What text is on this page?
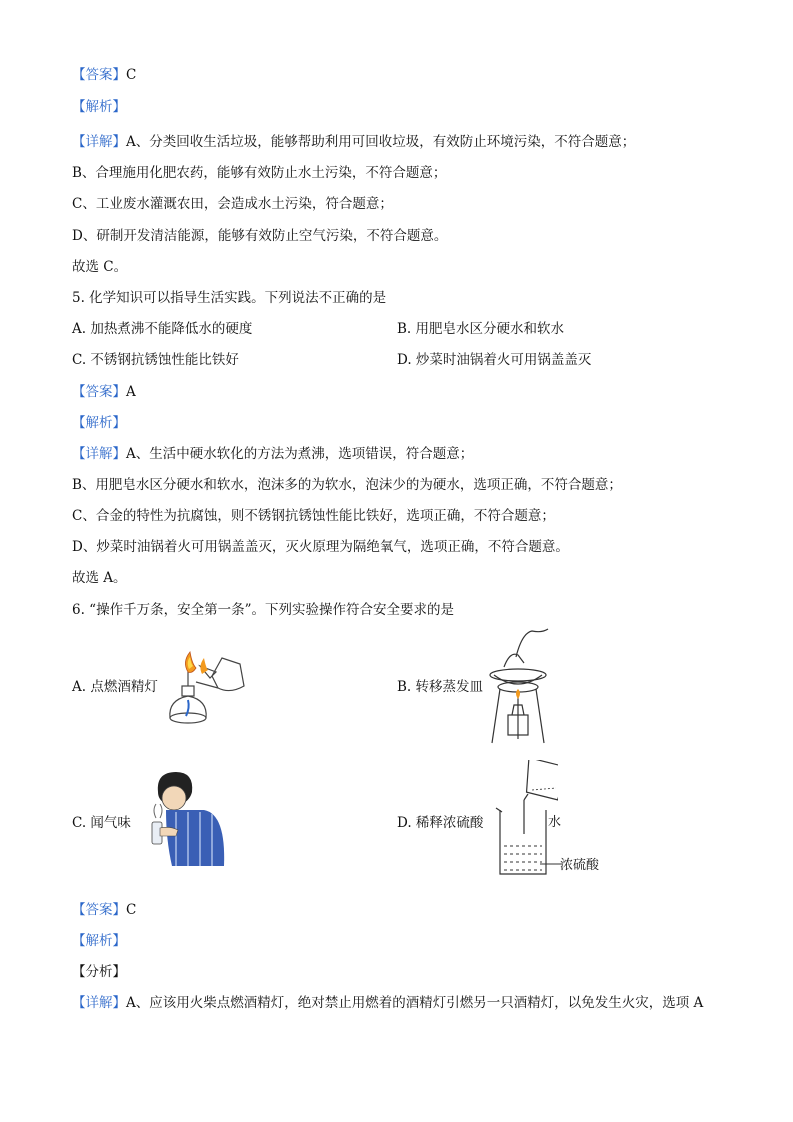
【答案】C
【解析】
【详解】A、分类回收生活垃圾，能够帮助利用可回收垃圾，有效防止环境污染，不符合题意；
B、合理施用化肥农药，能够有效防止水土污染，不符合题意；
C、工业废水灌溉农田，会造成水土污染，符合题意；
D、研制开发清洁能源，能够有效防止空气污染，不符合题意。
故选 C。
5. 化学知识可以指导生活实践。下列说法不正确的是
A. 加热煮沸不能降低水的硬度	B. 用肥皂水区分硬水和软水
C. 不锈钢抗锈蚀性能比铁好	D. 炒菜时油锅着火可用锅盖盖灭
【答案】A
【解析】
【详解】A、生活中硬水软化的方法为煮沸，选项错误，符合题意；
B、用肥皂水区分硬水和软水，泡沫多的为软水，泡沫少的为硬水，选项正确，不符合题意；
C、合金的特性为抗腐蚀，则不锈钢抗锈蚀性能比铁好，选项正确，不符合题意；
D、炒菜时油锅着火可用锅盖盖灭，灭火原理为隔绝氧气，选项正确，不符合题意。
故选 A。
6. “操作千万条，安全第一条”。下列实验操作符合安全要求的是
A. 点燃酒精灯	B. 转移蒸发皿
C. 闻气味	D. 稀释浓硫酸	水
浓硫酸
【答案】C
【解析】
【分析】
【详解】A、应该用火柴点燃酒精灯，绝对禁止用燃着的酒精灯引燃另一只酒精灯，以免发生火灾，选项 A
